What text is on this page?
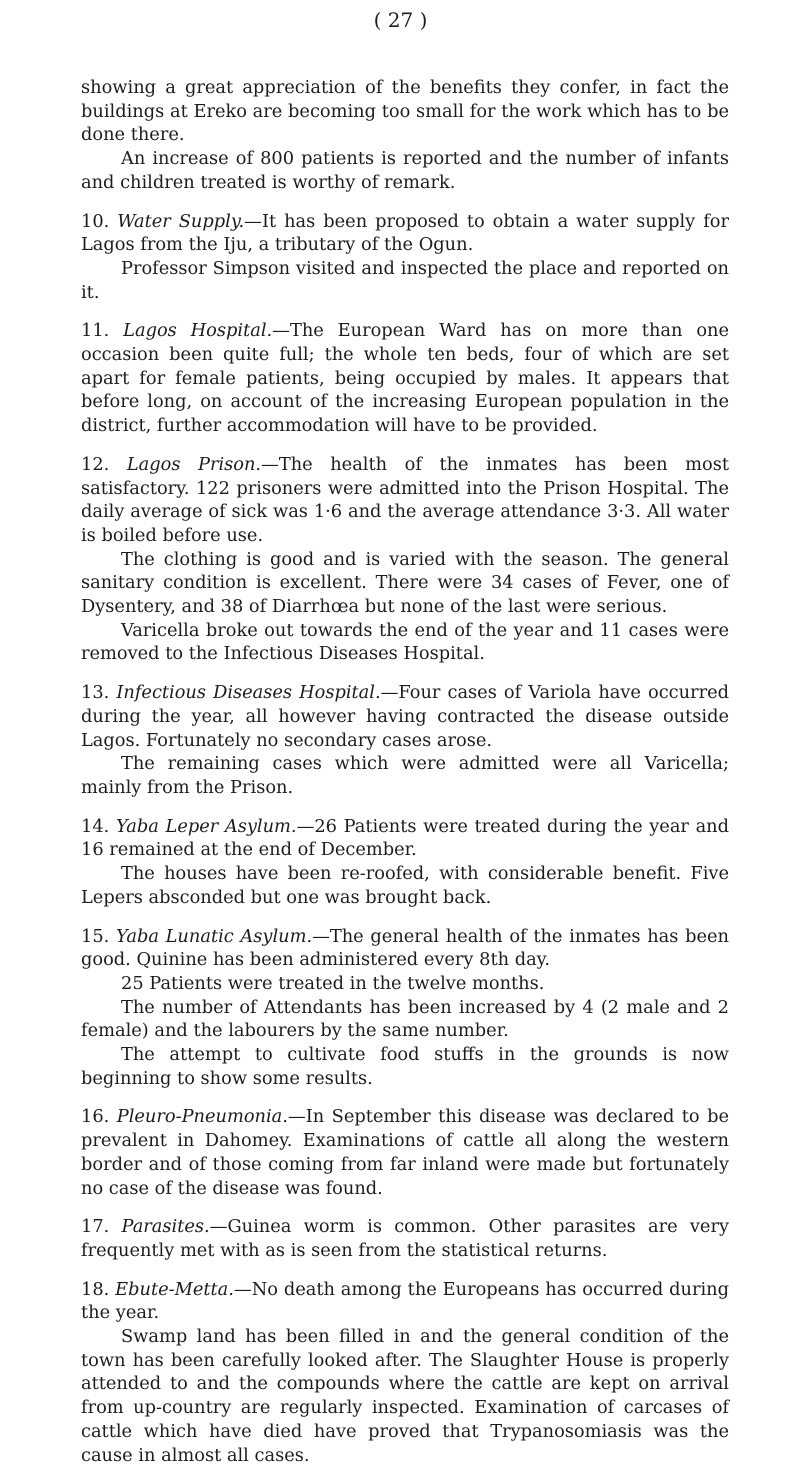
( 27 )

showing a great appreciation of the benefits they confer, in fact the buildings at Ereko are becoming too small for the work which has to be done there.

An increase of 800 patients is reported and the number of infants and children treated is worthy of remark.

10. Water Supply.—It has been proposed to obtain a water supply for Lagos from the Iju, a tributary of the Ogun.

Professor Simpson visited and inspected the place and reported on it.

11. Lagos Hospital.—The European Ward has on more than one occasion been quite full; the whole ten beds, four of which are set apart for female patients, being occupied by males. It appears that before long, on account of the increasing European population in the district, further accommodation will have to be provided.

12. Lagos Prison.—The health of the inmates has been most satisfactory. 122 prisoners were admitted into the Prison Hospital. The daily average of sick was 1·6 and the average attendance 3·3. All water is boiled before use.

The clothing is good and is varied with the season. The general sanitary condition is excellent. There were 34 cases of Fever, one of Dysentery, and 38 of Diarrhœa but none of the last were serious.

Varicella broke out towards the end of the year and 11 cases were removed to the Infectious Diseases Hospital.

13. Infectious Diseases Hospital.—Four cases of Variola have occurred during the year, all however having contracted the disease outside Lagos. Fortunately no secondary cases arose.

The remaining cases which were admitted were all Varicella; mainly from the Prison.

14. Yaba Leper Asylum.—26 Patients were treated during the year and 16 remained at the end of December.

The houses have been re-roofed, with considerable benefit. Five Lepers absconded but one was brought back.

15. Yaba Lunatic Asylum.—The general health of the inmates has been good. Quinine has been administered every 8th day.

25 Patients were treated in the twelve months.

The number of Attendants has been increased by 4 (2 male and 2 female) and the labourers by the same number.

The attempt to cultivate food stuffs in the grounds is now beginning to show some results.

16. Pleuro-Pneumonia.—In September this disease was declared to be prevalent in Dahomey. Examinations of cattle all along the western border and of those coming from far inland were made but fortunately no case of the disease was found.

17. Parasites.—Guinea worm is common. Other parasites are very frequently met with as is seen from the statistical returns.

18. Ebute-Metta.—No death among the Europeans has occurred during the year.

Swamp land has been filled in and the general condition of the town has been carefully looked after. The Slaughter House is properly attended to and the compounds where the cattle are kept on arrival from up-country are regularly inspected. Examination of carcases of cattle which have died have proved that Trypanosomiasis was the cause in almost all cases.
